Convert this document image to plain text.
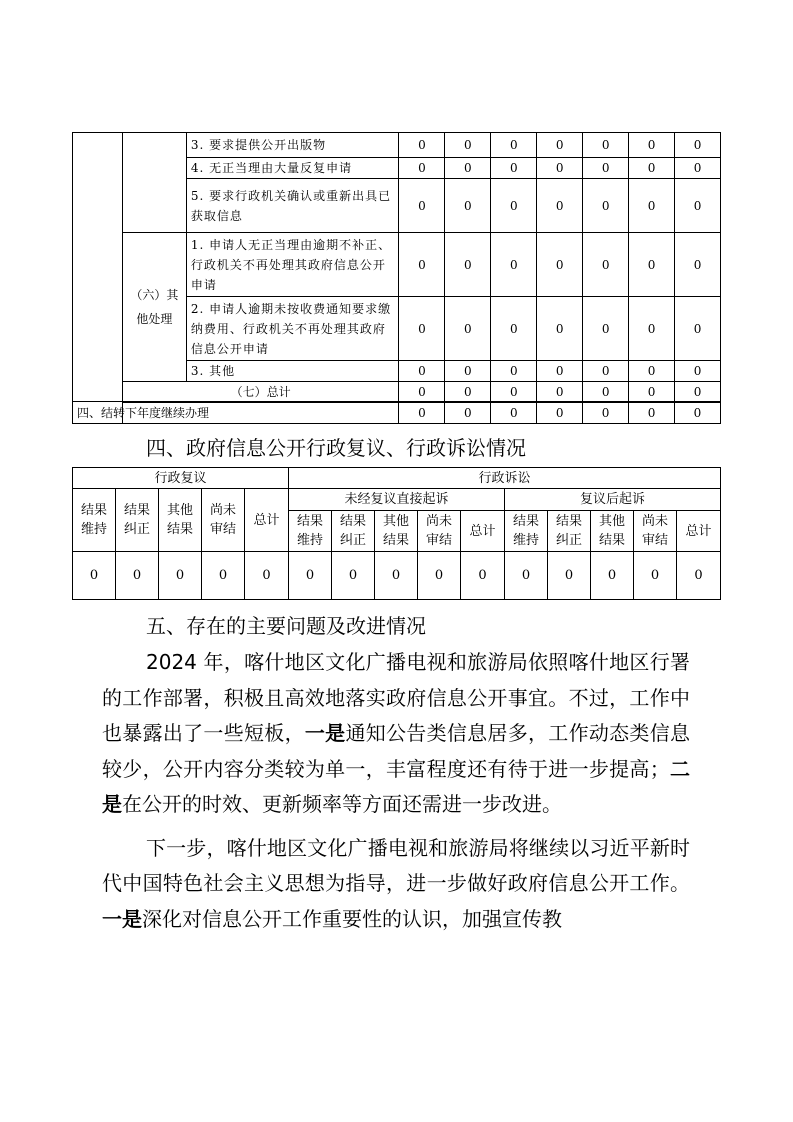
		3. 要求提供公开出版物	0	0	0	0	0	0	0
		4. 无正当理由大量反复申请	0	0	0	0	0	0	0
		5. 要求行政机关确认或重新出具已获取信息	0	0	0	0	0	0	0
	（六）其他处理	1. 申请人无正当理由逾期不补正、行政机关不再处理其政府信息公开申请	0	0	0	0	0	0	0
		2. 申请人逾期未按收费通知要求缴纳费用、行政机关不再处理其政府信息公开申请	0	0	0	0	0	0	0
		3. 其他	0	0	0	0	0	0	0
	（七）总计		0	0	0	0	0	0	0

四、结转下年度继续办理	0	0	0	0	0	0	0
四、政府信息公开行政复议、行政诉讼情况
行政复议					行政诉讼									
结果维持	结果纠正	其他结果	尚未审结	总计	未经复议直接起诉					复议后起诉				
					结果维持	结果纠正	其他结果	尚未审结	总计	结果维持	结果纠正	其他结果	尚未审结	总计
0	0	0	0	0	0	0	0	0	0	0	0	0	0	0
五、存在的主要问题及改进情况

2024 年，喀什地区文化广播电视和旅游局依照喀什地区行署的工作部署，积极且高效地落实政府信息公开事宜。不过，工作中也暴露出了一些短板，一是通知公告类信息居多，工作动态类信息较少，公开内容分类较为单一，丰富程度还有待于进一步提高；二是在公开的时效、更新频率等方面还需进一步改进。

下一步，喀什地区文化广播电视和旅游局将继续以习近平新时代中国特色社会主义思想为指导，进一步做好政府信息公开工作。一是深化对信息公开工作重要性的认识，加强宣传教
